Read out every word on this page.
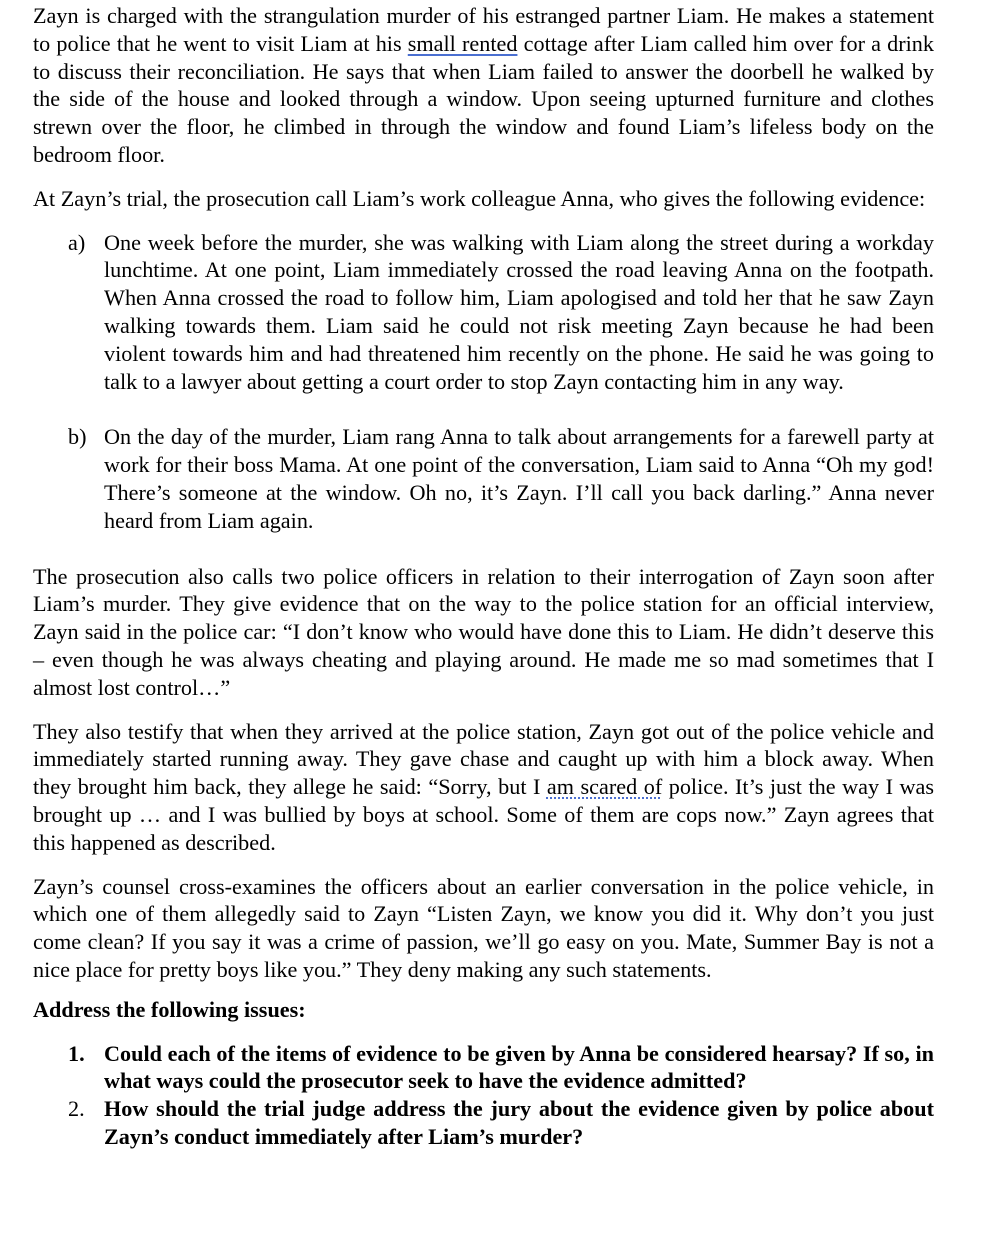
Zayn is charged with the strangulation murder of his estranged partner Liam. He makes a statement to police that he went to visit Liam at his small rented cottage after Liam called him over for a drink to discuss their reconciliation. He says that when Liam failed to answer the doorbell he walked by the side of the house and looked through a window. Upon seeing upturned furniture and clothes strewn over the floor, he climbed in through the window and found Liam’s lifeless body on the bedroom floor.

At Zayn’s trial, the prosecution call Liam’s work colleague Anna, who gives the following evidence:

a) One week before the murder, she was walking with Liam along the street during a workday lunchtime. At one point, Liam immediately crossed the road leaving Anna on the footpath. When Anna crossed the road to follow him, Liam apologised and told her that he saw Zayn walking towards them. Liam said he could not risk meeting Zayn because he had been violent towards him and had threatened him recently on the phone. He said he was going to talk to a lawyer about getting a court order to stop Zayn contacting him in any way.

b) On the day of the murder, Liam rang Anna to talk about arrangements for a farewell party at work for their boss Mama. At one point of the conversation, Liam said to Anna “Oh my god! There’s someone at the window. Oh no, it’s Zayn. I’ll call you back darling.” Anna never heard from Liam again.

The prosecution also calls two police officers in relation to their interrogation of Zayn soon after Liam’s murder. They give evidence that on the way to the police station for an official interview, Zayn said in the police car: “I don’t know who would have done this to Liam. He didn’t deserve this – even though he was always cheating and playing around. He made me so mad sometimes that I almost lost control…”

They also testify that when they arrived at the police station, Zayn got out of the police vehicle and immediately started running away. They gave chase and caught up with him a block away. When they brought him back, they allege he said: “Sorry, but I am scared of police. It’s just the way I was brought up … and I was bullied by boys at school. Some of them are cops now.” Zayn agrees that this happened as described.

Zayn’s counsel cross-examines the officers about an earlier conversation in the police vehicle, in which one of them allegedly said to Zayn “Listen Zayn, we know you did it. Why don’t you just come clean? If you say it was a crime of passion, we’ll go easy on you. Mate, Summer Bay is not a nice place for pretty boys like you.” They deny making any such statements.

Address the following issues:

1. Could each of the items of evidence to be given by Anna be considered hearsay? If so, in what ways could the prosecutor seek to have the evidence admitted?

2. How should the trial judge address the jury about the evidence given by police about Zayn’s conduct immediately after Liam’s murder?
